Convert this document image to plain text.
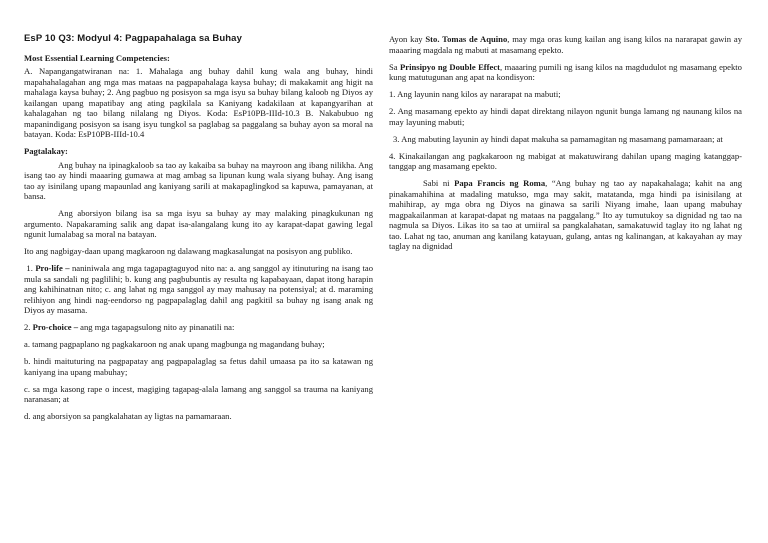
EsP 10 Q3: Modyul 4: Pagpapahalaga sa Buhay

Most Essential Learning Competencies:

A. Napangangatwiranan na: 1. Mahalaga ang buhay dahil kung wala ang buhay, hindi mapahahalagahan ang mga mas mataas na pagpapahalaga kaysa buhay; di makakamit ang higit na mahalaga kaysa buhay; 2. Ang pagbuo ng posisyon sa mga isyu sa buhay bilang kaloob ng Diyos ay kailangan upang mapatibay ang ating pagkilala sa Kaniyang kadakilaan at kapangyarihan at kahalagahan ng tao bilang nilalang ng Diyos. Koda: EsP10PB-IIId-10.3 B. Nakabubuo ng mapanindigang posisyon sa isang isyu tungkol sa paglabag sa paggalang sa buhay ayon sa moral na batayan. Koda: EsP10PB-IIId-10.4

Pagtalakay:

Ang buhay na ipinagkaloob sa tao ay kakaiba sa buhay na mayroon ang ibang nilikha. Ang isang tao ay hindi maaaring gumawa at mag ambag sa lipunan kung wala siyang buhay. Ang isang tao ay isinilang upang mapaunlad ang kaniyang sarili at makapaglingkod sa kapuwa, pamayanan, at bansa.

Ang aborsiyon bilang isa sa mga isyu sa buhay ay may malaking pinagkukunan ng argumento. Napakaraming salik ang dapat isa-alangalang kung ito ay karapat-dapat gawing legal ngunit lumalabag sa moral na batayan.

Ito ang nagbigay-daan upang magkaroon ng dalawang magkasalungat na posisyon ang publiko.

1. Pro-life – naniniwala ang mga tagapagtaguyod nito na: a. ang sanggol ay itinuturing na isang tao mula sa sandali ng paglilihi; b. kung ang pagbubuntis ay resulta ng kapabayaan, dapat itong harapin ang kahihinatnan nito; c. ang lahat ng mga sanggol ay may mahusay na potensiyal; at d. maraming relihiyon ang hindi nag-eendorso ng pagpapalaglag dahil ang pagkitil sa buhay ng isang anak ng Diyos ay masama.

2. Pro-choice – ang mga tagapagsulong nito ay pinanatili na:

a. tamang pagpaplano ng pagkakaroon ng anak upang magbunga ng magandang buhay;

b. hindi maituturing na pagpapatay ang pagpapalaglag sa fetus dahil umaasa pa ito sa katawan ng kaniyang ina upang mabuhay;

c. sa mga kasong rape o incest, magiging tagapag-alala lamang ang sanggol sa trauma na kaniyang naranasan; at

d. ang aborsiyon sa pangkalahatan ay ligtas na pamamaraan.

Ayon kay Sto. Tomas de Aquino, may mga oras kung kailan ang isang kilos na nararapat gawin ay maaaring magdala ng mabuti at masamang epekto.

Sa Prinsipyo ng Double Effect, maaaring pumili ng isang kilos na magdudulot ng masamang epekto kung matutugunan ang apat na kondisyon:

1. Ang layunin nang kilos ay nararapat na mabuti;

2. Ang masamang epekto ay hindi dapat direktang nilayon ngunit bunga lamang ng naunang kilos na may layuning mabuti;

3. Ang mabuting layunin ay hindi dapat makuha sa pamamagitan ng masamang pamamaraan; at

4. Kinakailangan ang pagkakaroon ng mabigat at makatuwirang dahilan upang maging katanggap-tanggap ang masamang epekto.

Sabi ni Papa Francis ng Roma, “Ang buhay ng tao ay napakahalaga; kahit na ang pinakamahihina at madaling matukso, mga may sakit, matatanda, mga hindi pa isinisilang at mahihirap, ay mga obra ng Diyos na ginawa sa sarili Niyang imahe, laan upang mabuhay magpakailanman at karapat-dapat ng mataas na paggalang.” Ito ay tumutukoy sa dignidad ng tao na nagmula sa Diyos. Likas ito sa tao at umiiral sa pangkalahatan, samakatuwid taglay ito ng lahat ng tao. Lahat ng tao, anuman ang kanilang katayuan, gulang, antas ng kalinangan, at kakayahan ay may taglay na dignidad
